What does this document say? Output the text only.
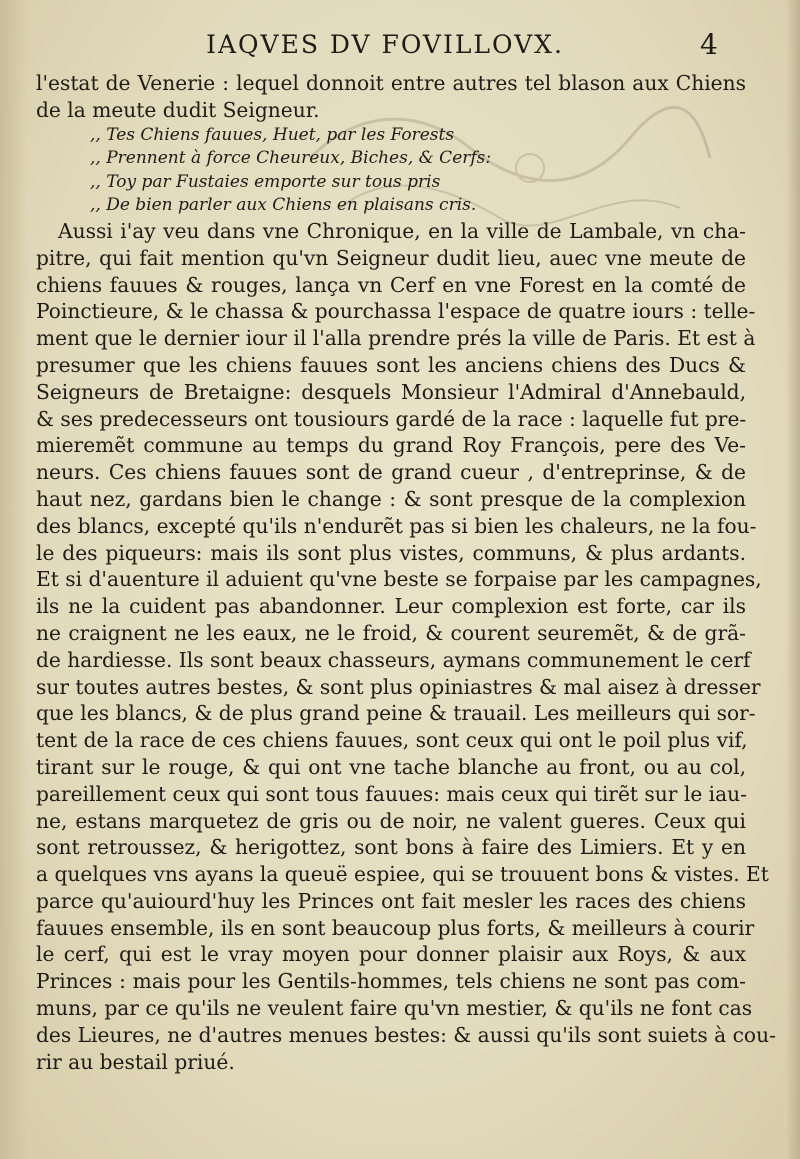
IAQVES DV FOVILLOVX.	4
l'estat de Venerie : lequel donnoit entre autres tel blason aux Chiens
de la meute dudit Seigneur.
,, Tes Chiens fauues, Huet, par les Forests
,, Prennent à force Cheureux, Biches, & Cerfs:
,, Toy par Fustaies emporte sur tous pris
,, De bien parler aux Chiens en plaisans cris.
Aussi i'ay veu dans vne Chronique, en la ville de Lambale, vn cha-
pitre, qui fait mention qu'vn Seigneur dudit lieu, auec vne meute de
chiens fauues & rouges, lança vn Cerf en vne Forest en la comté de
Poinctieure, & le chassa & pourchassa l'espace de quatre iours : telle-
ment que le dernier iour il l'alla prendre prés la ville de Paris. Et est à
presumer que les chiens fauues sont les anciens chiens des Ducs &
Seigneurs de Bretaigne: desquels Monsieur l'Admiral d'Annebauld,
& ses predecesseurs ont tousiours gardé de la race : laquelle fut pre-
mieremẽt commune au temps du grand Roy François, pere des Ve-
neurs. Ces chiens fauues sont de grand cueur , d'entreprinse, & de
haut nez, gardans bien le change : & sont presque de la complexion
des blancs, excepté qu'ils n'endurẽt pas si bien les chaleurs, ne la fou-
le des piqueurs: mais ils sont plus vistes, communs, & plus ardants.
Et si d'auenture il aduient qu'vne beste se forpaise par les campagnes,
ils ne la cuident pas abandonner. Leur complexion est forte, car ils
ne craignent ne les eaux, ne le froid, & courent seuremẽt, & de grã-
de hardiesse. Ils sont beaux chasseurs, aymans communement le cerf
sur toutes autres bestes, & sont plus opiniastres & mal aisez à dresser
que les blancs, & de plus grand peine & trauail. Les meilleurs qui sor-
tent de la race de ces chiens fauues, sont ceux qui ont le poil plus vif,
tirant sur le rouge, & qui ont vne tache blanche au front, ou au col,
pareillement ceux qui sont tous fauues: mais ceux qui tirẽt sur le iau-
ne, estans marquetez de gris ou de noir, ne valent gueres. Ceux qui
sont retroussez, & herigottez, sont bons à faire des Limiers. Et y en
a quelques vns ayans la queuë espiee, qui se trouuent bons & vistes. Et
parce qu'auiourd'huy les Princes ont fait mesler les races des chiens
fauues ensemble, ils en sont beaucoup plus forts, & meilleurs à courir
le cerf, qui est le vray moyen pour donner plaisir aux Roys, & aux
Princes : mais pour les Gentils-hommes, tels chiens ne sont pas com-
muns, par ce qu'ils ne veulent faire qu'vn mestier, & qu'ils ne font cas
des Lieures, ne d'autres menues bestes: & aussi qu'ils sont suiets à cou-
rir au bestail priué.
